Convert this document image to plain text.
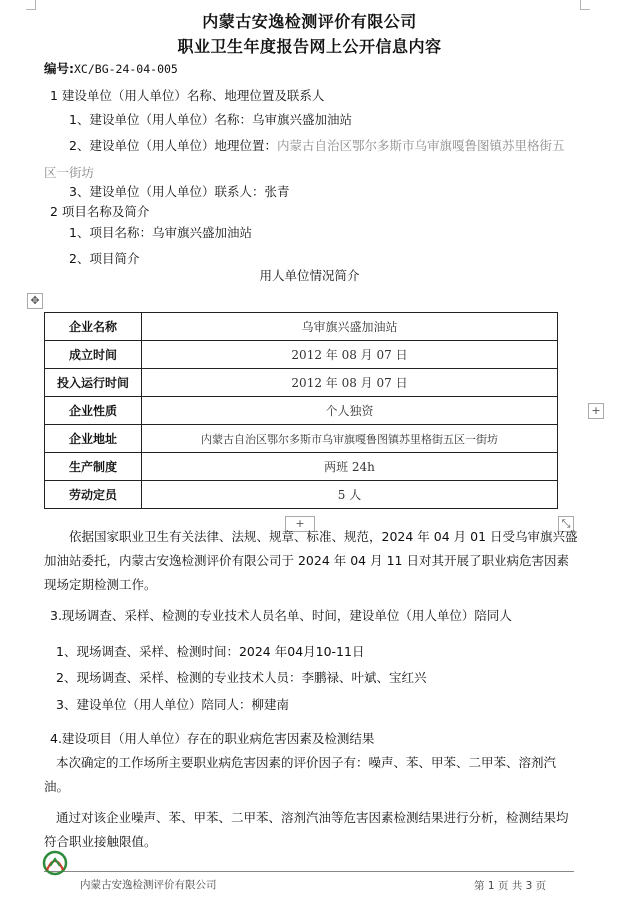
内蒙古安逸检测评价有限公司
职业卫生年度报告网上公开信息内容
编号:XC/BG-24-04-005
1 建设单位（用人单位）名称、地理位置及联系人
1、建设单位（用人单位）名称：乌审旗兴盛加油站
2、建设单位（用人单位）地理位置：内蒙古自治区鄂尔多斯市乌审旗嘎鲁图镇苏里格街五
区一街坊
3、建设单位（用人单位）联系人：张青
2 项目名称及简介
1、项目名称：乌审旗兴盛加油站
2、项目简介
用人单位情况简介
✥
企业名称	乌审旗兴盛加油站
成立时间	2012 年 08 月 07 日
投入运行时间	2012 年 08 月 07 日
企业性质	个人独资
企业地址	内蒙古自治区鄂尔多斯市乌审旗嘎鲁图镇苏里格街五区一街坊
生产制度	两班 24h
劳动定员	5 人
+
+	⤡
依据国家职业卫生有关法律、法规、规章、标准、规范，2024 年 04 月 01 日受乌审旗兴盛加油站委托，内蒙古安逸检测评价有限公司于 2024 年 04 月 11 日对其开展了职业病危害因素现场定期检测工作。
3.现场调查、采样、检测的专业技术人员名单、时间，建设单位（用人单位）陪同人
1、现场调查、采样、检测时间：2024 年04月10-11日
2、现场调查、采样、检测的专业技术人员：李鹏禄、叶斌、宝红兴
3、建设单位（用人单位）陪同人：柳建南
4.建设项目（用人单位）存在的职业病危害因素及检测结果
本次确定的工作场所主要职业病危害因素的评价因子有：噪声、苯、甲苯、二甲苯、溶剂汽油。
通过对该企业噪声、苯、甲苯、二甲苯、溶剂汽油等危害因素检测结果进行分析，检测结果均符合职业接触限值。
内蒙古安逸检测评价有限公司	第 1 页 共 3 页
